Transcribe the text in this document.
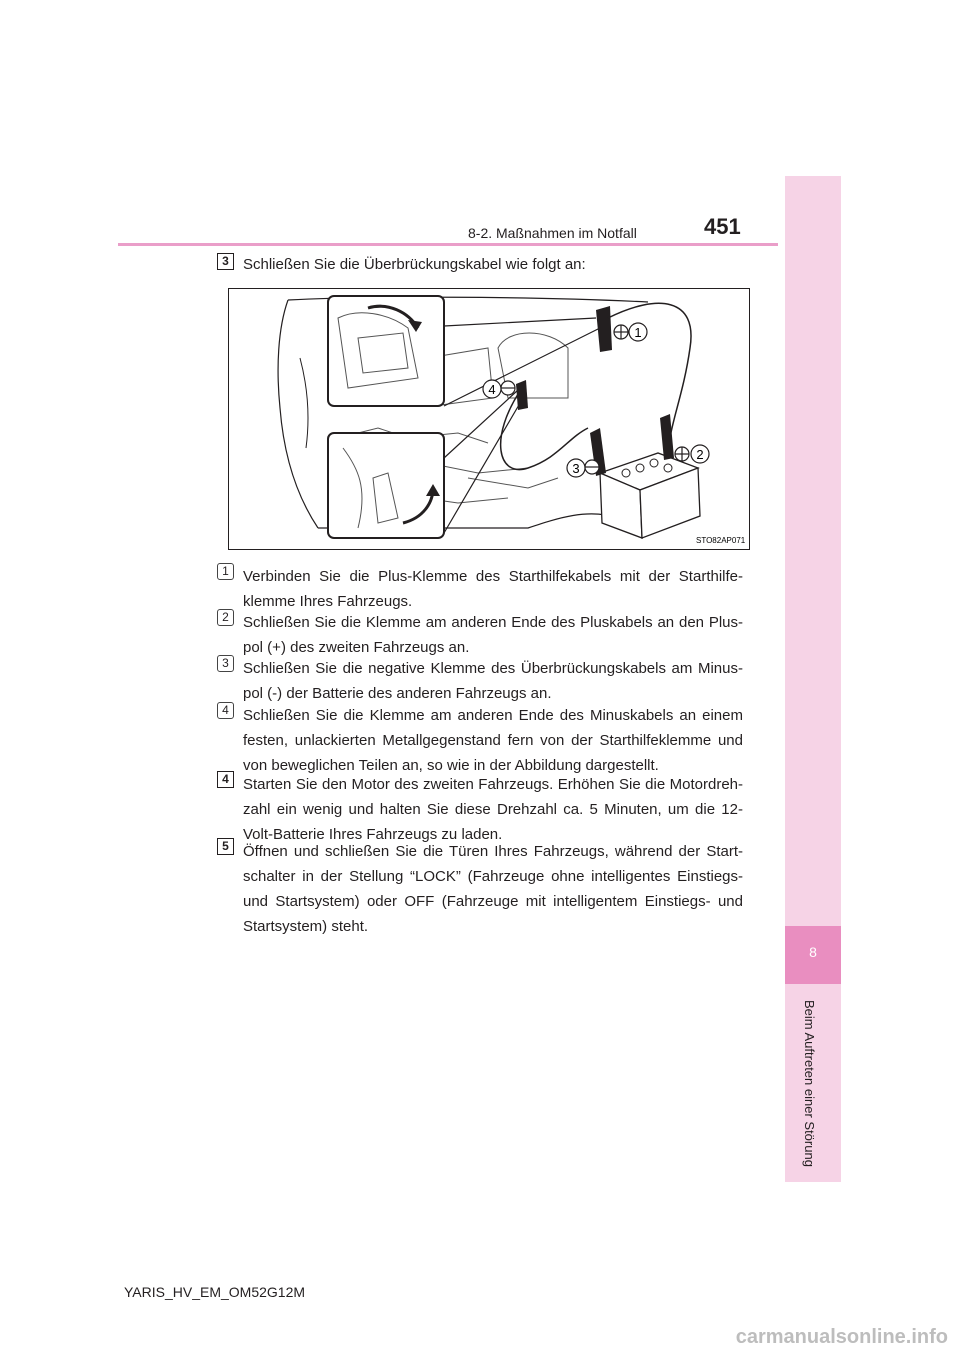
8-2. Maßnahmen im Notfall	451
8
Beim Auftreten einer Störung
3 Schließen Sie die Überbrückungskabel wie folgt an:
1
4
3
2
STO82AP071
1 Verbinden Sie die Plus-Klemme des Starthilfekabels mit der Starthilfe-klemme Ihres Fahrzeugs.

2 Schließen Sie die Klemme am anderen Ende des Pluskabels an den Plus-pol (+) des zweiten Fahrzeugs an.

3 Schließen Sie die negative Klemme des Überbrückungskabels am Minus-pol (-) der Batterie des anderen Fahrzeugs an.

4 Schließen Sie die Klemme am anderen Ende des Minuskabels an einem festen, unlackierten Metallgegenstand fern von der Starthilfeklemme und von beweglichen Teilen an, so wie in der Abbildung dargestellt.

4 Starten Sie den Motor des zweiten Fahrzeugs. Erhöhen Sie die Motordreh-zahl ein wenig und halten Sie diese Drehzahl ca. 5 Minuten, um die 12-Volt-Batterie Ihres Fahrzeugs zu laden.

5 Öffnen und schließen Sie die Türen Ihres Fahrzeugs, während der Start-schalter in der Stellung “LOCK” (Fahrzeuge ohne intelligentes Einstiegs- und Startsystem) oder OFF (Fahrzeuge mit intelligentem Einstiegs- und Startsystem) steht.

YARIS_HV_EM_OM52G12M
carmanualsonline.info
